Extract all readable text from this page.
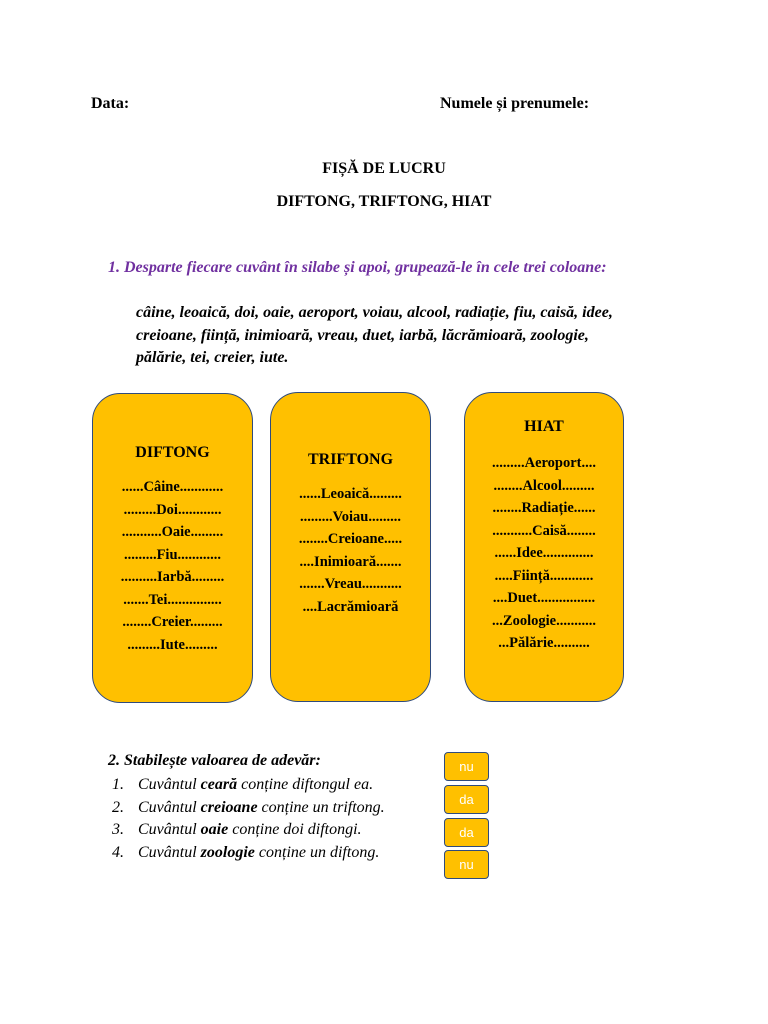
Data:	Numele și prenumele:
FIȘĂ DE LUCRU
DIFTONG, TRIFTONG, HIAT
1. Desparte fiecare cuvânt în silabe și apoi, grupează-le în cele trei coloane:
câine, leoaică, doi, oaie, aeroport, voiau, alcool, radiație, fiu, caisă, idee,
creioane, ființă, inimioară, vreau, duet, iarbă, lăcrămioară, zoologie,
pălărie, tei, creier, iute.
DIFTONG
......Câine............
.........Doi............
...........Oaie.........
.........Fiu............
..........Iarbă.........
.......Tei...............
........Creier.........
.........Iute.........
TRIFTONG
......Leoaică.........
.........Voiau.........
........Creioane.....
....Inimioară.......
.......Vreau...........
....Lacrămioară
HIAT
.........Aeroport....
........Alcool.........
........Radiație......
...........Caisă........
......Idee..............
.....Ființă............
....Duet................
...Zoologie...........
...Pălărie..........
2. Stabilește valoarea de adevăr:
1. Cuvântul ceară conține diftongul ea.
2. Cuvântul creioane conține un triftong.
3. Cuvântul oaie conține doi diftongi.
4. Cuvântul zoologie conține un diftong.
nu
da
da
nu
